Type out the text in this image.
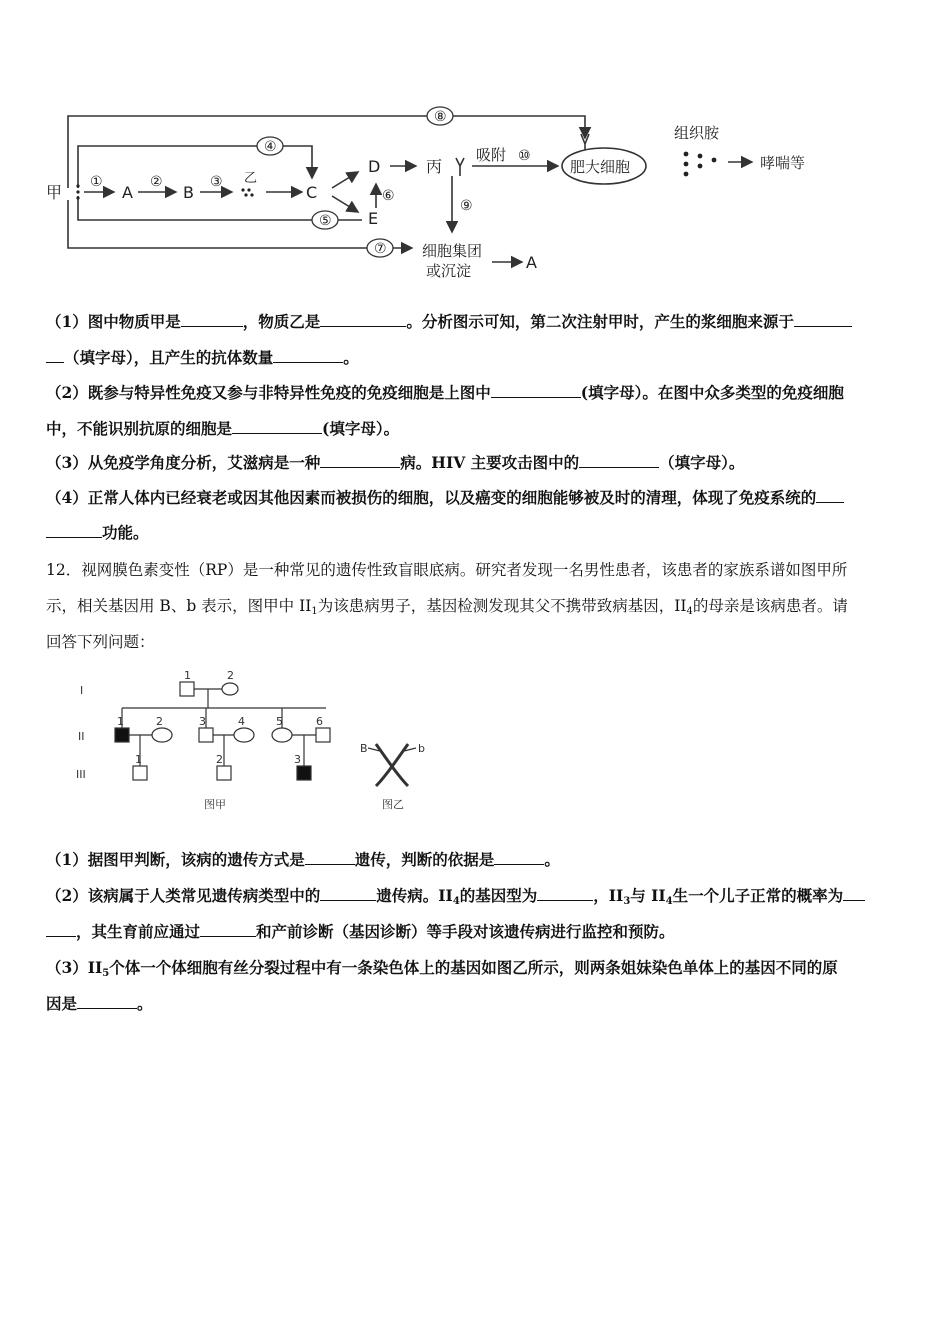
甲	A	B
乙
C
D
E
丙
吸附
肥大细胞
组织胺
哮喘等
细胞集团
或沉淀	A
①	②	③
④
⑤
⑥
⑦
⑧
⑨
⑩
（1）图中物质甲是	，物质乙是	。分析图示可知，第二次注射甲时，产生的浆细胞来源于
（填字母），且产生的抗体数量	。
（2）既参与特异性免疫又参与非特异性免疫的免疫细胞是上图中	(填字母）。在图中众多类型的免疫细胞
中，不能识别抗原的细胞是	(填字母）。
（3）从免疫学角度分析，艾滋病是一种	病。HIV 主要攻击图中的	（填字母）。
（4）正常人体内已经衰老或因其他因素而被损伤的细胞，以及癌变的细胞能够被及时的清理，体现了免疫系统的
功能。
12．视网膜色素变性（RP）是一种常见的遗传性致盲眼底病。研究者发现一名男性患者，该患者的家族系谱如图甲所
示，相关基因用 B、b 表示，图甲中 $II_1$为该患病男子，基因检测发现其父不携带致病基因，$II_4$的母亲是该病患者。请
回答下列问题：
I
II
III
1	2
1	2	3	4	5	6
1	2	3
B	b
图甲	图乙
（1）据图甲判断，该病的遗传方式是	遗传，判断的依据是	。
（2）该病属于人类常见遗传病类型中的	遗传病。$II_4$的基因型为	，$II_3$与 $II_4$生一个儿子正常的概率为
，其生育前应通过	和产前诊断（基因诊断）等手段对该遗传病进行监控和预防。
$(3)II_5$个体一个体细胞有丝分裂过程中有一条染色体上的基因如图乙所示，则两条姐妹染色单体上的基因不同的原
因是	。
